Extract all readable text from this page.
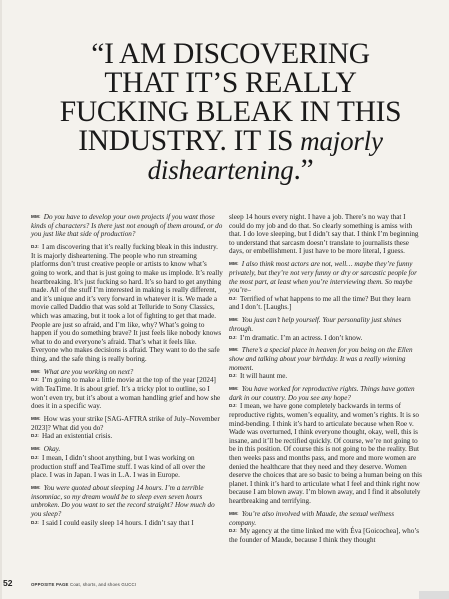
“I AM DISCOVERING THAT IT’S REALLY FUCKING BLEAK IN THIS INDUSTRY. IT IS majorly disheartening.”

MM: Do you have to develop your own projects if you want those kinds of characters? Is there just not enough of them around, or do you just like that side of production?

DJ: I am discovering that it’s really fucking bleak in this industry. It is majorly disheartening. The people who run streaming platforms don’t trust creative people or artists to know what’s going to work, and that is just going to make us implode. It’s really heartbreaking. It’s just fucking so hard. It’s so hard to get anything made. All of the stuff I’m interested in making is really different, and it’s unique and it’s very forward in whatever it is. We made a movie called Daddio that was sold at Telluride to Sony Classics, which was amazing, but it took a lot of fighting to get that made. People are just so afraid, and I’m like, why? What’s going to happen if you do something brave? It just feels like nobody knows what to do and everyone’s afraid. That’s what it feels like. Everyone who makes decisions is afraid. They want to do the safe thing, and the safe thing is really boring.

MM: What are you working on next?
DJ: I’m going to make a little movie at the top of the year [2024] with TeaTime. It is about grief. It’s a tricky plot to outline, so I won’t even try, but it’s about a woman handling grief and how she does it in a specific way.

MM: How was your strike [SAG-AFTRA strike of July–November 2023]? What did you do?
DJ: Had an existential crisis.

MM: Okay.
DJ: I mean, I didn’t shoot anything, but I was working on production stuff and TeaTime stuff. I was kind of all over the place. I was in Japan. I was in L.A. I was in Europe.

MM: You were quoted about sleeping 14 hours. I’m a terrible insomniac, so my dream would be to sleep even seven hours unbroken. Do you want to set the record straight? How much do you sleep?
DJ: I said I could easily sleep 14 hours. I didn’t say that I

sleep 14 hours every night. I have a job. There’s no way that I could do my job and do that. So clearly something is amiss with that. I do love sleeping, but I didn’t say that. I think I’m beginning to understand that sarcasm doesn’t translate to journalists these days, or embellishment. I just have to be more literal, I guess.

MM: I also think most actors are not, well… maybe they’re funny privately, but they’re not very funny or dry or sarcastic people for the most part, at least when you’re interviewing them. So maybe you’re–
DJ: Terrified of what happens to me all the time? But they learn and I don’t. [Laughs.]

MM: You just can’t help yourself. Your personality just shines through.
DJ: I’m dramatic. I’m an actress. I don’t know.

MM: There’s a special place in heaven for you being on the Ellen show and talking about your birthday. It was a really winning moment.
DJ: It will haunt me.

MM: You have worked for reproductive rights. Things have gotten dark in our country. Do you see any hope?
DJ: I mean, we have gone completely backwards in terms of reproductive rights, women’s equality, and women’s rights. It is so mind-bending. I think it’s hard to articulate because when Roe v. Wade was overturned, I think everyone thought, okay, well, this is insane, and it’ll be rectified quickly. Of course, we’re not going to be in this position. Of course this is not going to be the reality. But then weeks pass and months pass, and more and more women are denied the healthcare that they need and they deserve. Women deserve the choices that are so basic to being a human being on this planet. I think it’s hard to articulate what I feel and think right now because I am blown away. I’m blown away, and I find it absolutely heartbreaking and terrifying.

MM: You’re also involved with Maude, the sexual wellness company.
DJ: My agency at the time linked me with Éva [Goicochea], who’s the founder of Maude, because I think they thought

52	OPPOSITE PAGE Coat, shorts, and shoes GUCCI
